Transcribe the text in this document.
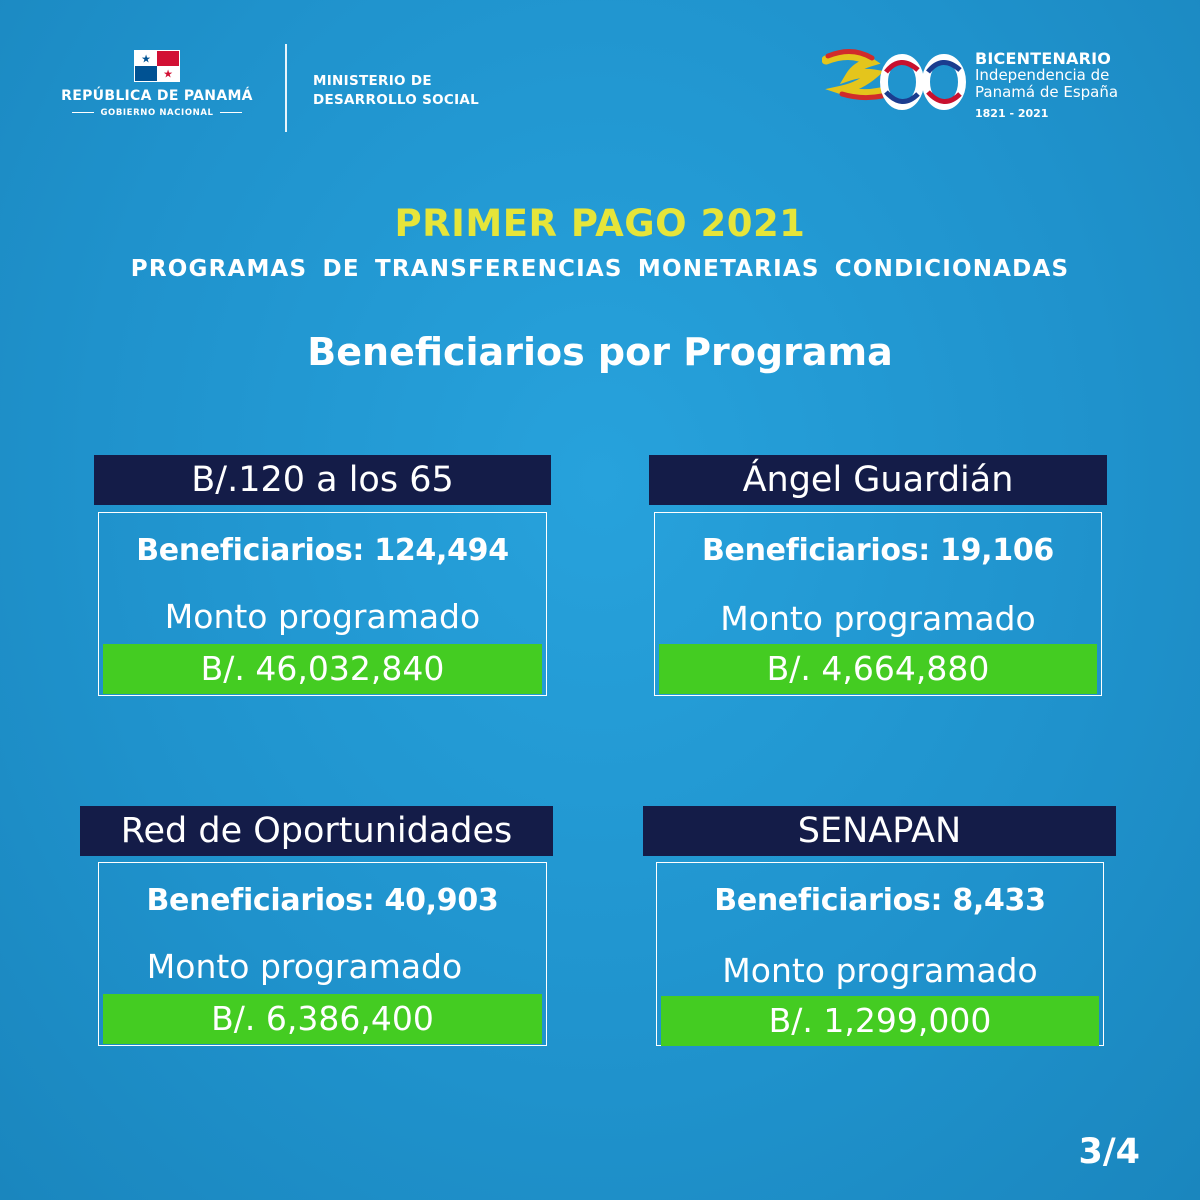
★
★
REPÚBLICA DE PANAMÁ
GOBIERNO NACIONAL
MINISTERIO DE
DESARROLLO SOCIAL
BICENTENARIO
Independencia de
Panamá de España
1821 - 2021
PRIMER PAGO 2021
PROGRAMAS DE TRANSFERENCIAS MONETARIAS CONDICIONADAS
Beneficiarios por Programa
B/.120 a los 65
Beneficiarios: 124,494
Monto programado
B/. 46,032,840
Ángel Guardián
Beneficiarios: 19,106
Monto programado
B/. 4,664,880
Red de Oportunidades
Beneficiarios: 40,903
Monto programado
B/. 6,386,400
SENAPAN
Beneficiarios: 8,433
Monto programado
B/. 1,299,000
3/4
